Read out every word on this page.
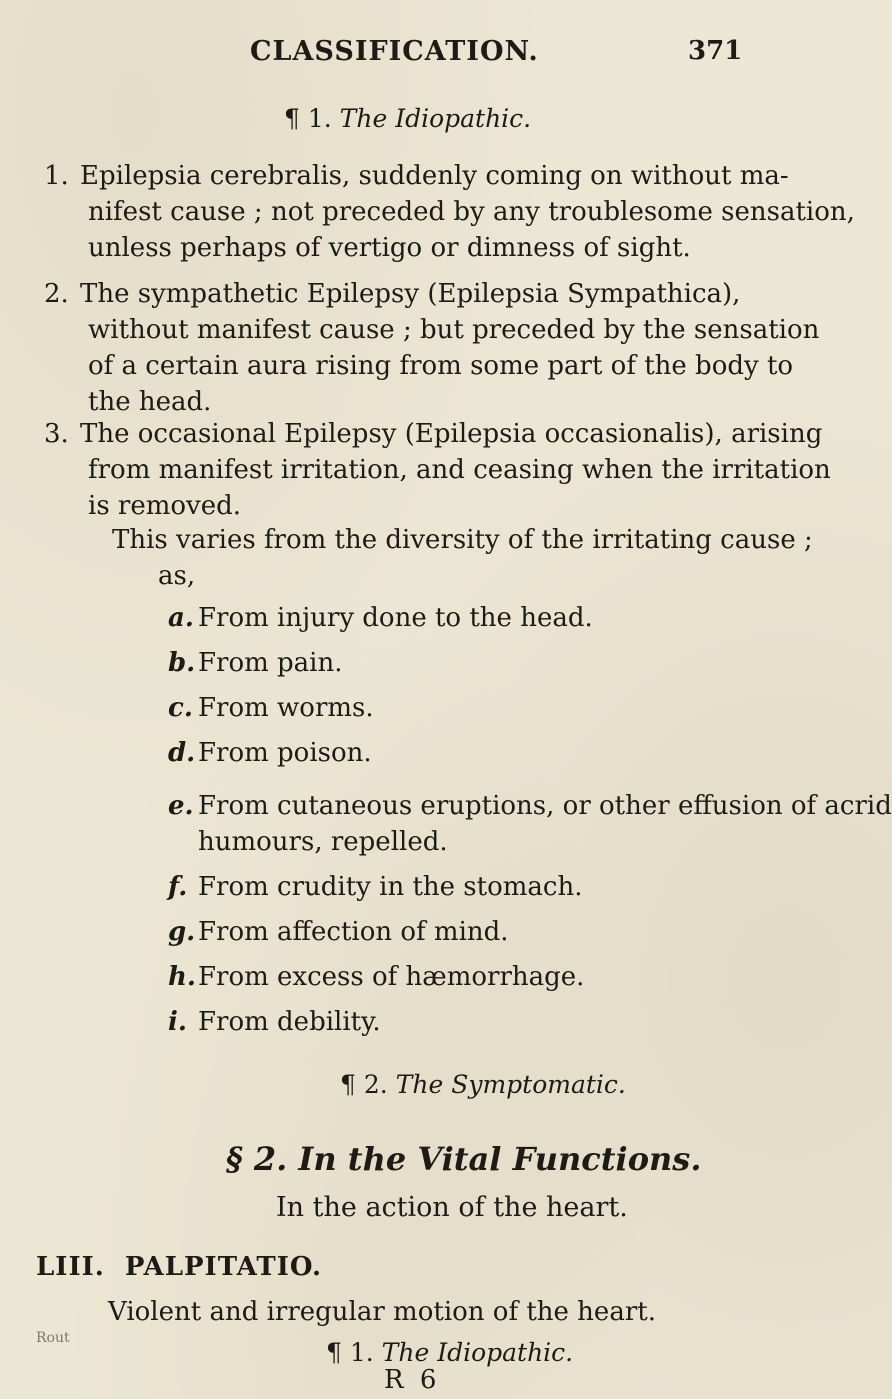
CLASSIFICATION.	371
¶ 1. The Idiopathic.
1. Epilepsia cerebralis, suddenly coming on without ma-
nifest cause ; not preceded by any troublesome sensation,
unless perhaps of vertigo or dimness of sight.
2. The sympathetic Epilepsy (Epilepsia Sympathica),
without manifest cause ; but preceded by the sensation
of a certain aura rising from some part of the body to
the head.
3. The occasional Epilepsy (Epilepsia occasionalis), arising
from manifest irritation, and ceasing when the irritation
is removed.
This varies from the diversity of the irritating cause ;
as,
a. From injury done to the head.
b. From pain.
c. From worms.
d. From poison.
e. From cutaneous eruptions, or other effusion of acrid
humours, repelled.
f. From crudity in the stomach.
g. From affection of mind.
h.From excess of hæmorrhage.
i. From debility.
¶ 2. The Symptomatic.
§ 2. In the Vital Functions.
In the action of the heart.
LIII. PALPITATIO.
Violent and irregular motion of the heart.
Rout	¶ 1. The Idiopathic.
R 6
